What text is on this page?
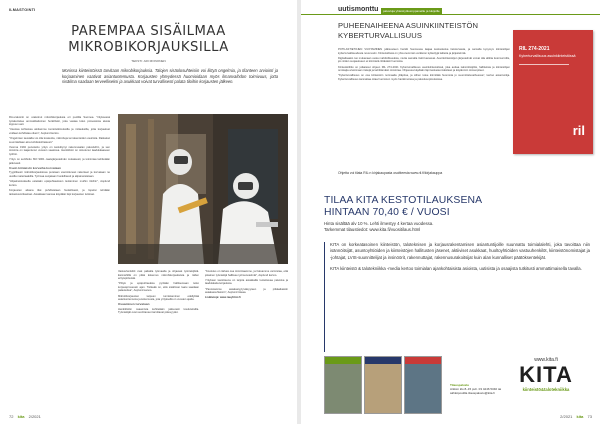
ILMASTOINTI
PAREMPAA SISÄILMAA
MIKROBIKORJAUKSILLA
TEKSTI: ARI MONONEN
Monissa kiinteistöissä tarvitaan mikrobikorjauksia. Talojen sisäolosuhteisiin voi liittyä ongelmia, ja tilanteen arviointi ja korjaaminen vaativat asiantuntemusta. Korjausten yhteydessä huomioidaan myös ilmanvaihdon toimivuus, jotta sisäilma saadaan terveelliseksi ja asukkaat voivat turvallisesti palata tiloihin korjausten jälkeen.

RA-urakointi on urakoinut mikrobikorjauksia eri puolilla Suomea. Yrityksessä työskentelee ammattitaitoinen henkilöstö, joka vastaa koko prosessista alusta loppuun asti.

"Useissa kohteissa aloitamme kuntotutkimuksilla ja mittauksilla, jotta korjaukset voidaan kohdistaa oikein", Asplund kertoo.

"Ongelmien taustalla voi olla kosteutta, mikrobeja tai rakenteiden vaurioita. Ratkaisut suunnitellaan aina kohdekohtaisesti."

Vuonna 1994 perustettu yritys on keskittynyt rakennusalan palveluihin, ja sen toiminta on laajentunut vuosien saatossa. Henkilöstö on sitoutunut laadukkaaseen työhön.

Yritys on sertifioitu ISO 9001 -laatujärjestelmän mukaisesti, ja toimintaa kehitetään jatkuvasti.

Usein kiinteistö korvaiha korvataan

Tyypillisesti mikrobikorjauksissa puretaan vaurioituneet rakenteet ja korvataan ne uusilla materiaaleilla. Työmaa suojataan huolellisesti ja alipaineistetaan.

"Alipaineistuksella estetään epäpuhtauksien leviäminen muihin tiloihin", Asplund kertoo.

Korjausten aikana tilat puhdistetaan huolellisesti, ja lopuksi tehdään tarkastusmittaukset. Asiakkaan kanssa käydään läpi korjausten tulokset.

Vastuuhenkilöt ovat paikalla työmaalla ja ohjaavat työntekijöitä. Esimiehillä on pitkä kokemus mikrobikorjauksista ja niiden erityispiirteistä.

"Pölyä ja epäpuhtauksia pyritään hallitsemaan koko korjausprosessin ajan. Tärkeää on, että sisäilman laatu saadaan palautettua", Asplund sanoo.

Mikrobikorjausten tarpeen tunnistaminen edellyttää asiantuntemusta ja kokemusta, jota yrityksellä on vuosien ajalta.

Osaaminen turvataan

Henkilöstön osaamista kehitetään jatkuvasti koulutuksilla. Työntekijät ovat suorittaneet tarvittavat pätevyydet.

"Koulutus on tärkeä osa toimintaamme, ja haluamme varmistaa, että jokainen työntekijä hallitsee työmenetelmät", Asplund kertoo.

Yrityksen tavoitteena on tarjota asiakkaille luotettavaa palvelua ja laadukkaita korjauksia.

"Panostamme asiakastyytyväisyyteen ja pitkäaikaisiin asiakassuhteisiin", Asplund toteaa.

Lisätietoja: www.rauyhtiot.fi

72 kita 2/2021
uutismonttu	palveluja yhteistyökumppaneille ja lukijoille
PUHEENAIHEENA ASUINKIINTEISTÖN
KYBERTURVALLISUUS

POTILASTIETOJEN VUOTAMINEN julkisuuteen herätti Suomessa laajaa keskustelua tietoturvasta, ja samalla kysymys kiinteistöjen kyberturvallisuudesta nousi esiin. Kiinteistöissä on yhä enemmän verkkoon kytkettyjä laitteita ja järjestelmiä.

Digitalisaatio tuo mukanaan uusia mahdollisuuksia, mutta samalla riskit kasvavat. Asuinkiinteistöjen järjestelmät voivat olla alttiita tietomurroille, jos niiden suojaukseen ei kiinnitetä riittävästi huomiota.

Kiinteistöliitto on julkaissut ohjeen RIL 274-2021 Kyberturvallisuus asuinkiinteistössä, joka auttaa isännöitsijöitä, hallituksia ja kiinteistöjen omistajia arvioimaan riskejä ja kehittämään toimintaa. Ohjeessa käydään läpi keskeiset käsitteet ja käytännön toimenpiteet.

"Kyberturvallisuus on osa kiinteistön normaalia ylläpitoa, ja siihen tulee kiinnittää huomiota jo suunnitteluvaiheessa", kertoo asiantuntija. Kyberturvallisuus kannattaa ottaa huomioon myös hankinnoissa ja palvelusopimuksissa.

Ohjetta voi tilata RIL:n kirjakaupasta osoitteesta www.ril.fi/kirjakauppa
RIL 274-2021
Kyberturvallisuus asuinkiinteistössä
ril
TILAA KITA KESTOTILAUKSENA
HINTAAN 70,40 € / VUOSI
Hinta sisältää alv 10 %. Lehti ilmestyy 4 kertaa vuodessa.
Tarkemmat tilaustiedot: www.kita.fi/vuositilaus.html

KITA on korkeatasoinen kiinteistön, taloteknisen ja korjausrakentamisen asiantuntijoille suunnattu toimialalehti, joka tavoittaa niin isännöitsijät, asuntoyhtiöiden ja kiinteistöjen hallitusten jäsenet, aktiiviset asukkaat, huoltoyhtiöiden vastuuhenkilöt, kiinteistönomistajat ja -johtajat, LVIS-suunnittelijat ja insinöörit, rakennuttajat, rakennusurakoitsijat kuin alan kunnalliset päätöksentekijät.

KITA kiinteistö & talotekniikka -media kertoo toimialan ajankohtaisista asioista, uutisista ja osaajista tutkitusti ammattimaisella tavalla.

www.kita.fi
KITA
kiinteistö&talotekniikka
Tilauspalvelu
Arkisin klo 8–15 puh. 03 4246 5340 tai
sähköpostilla tilauspalvelu@kita.fi
2/2021 kita 73
